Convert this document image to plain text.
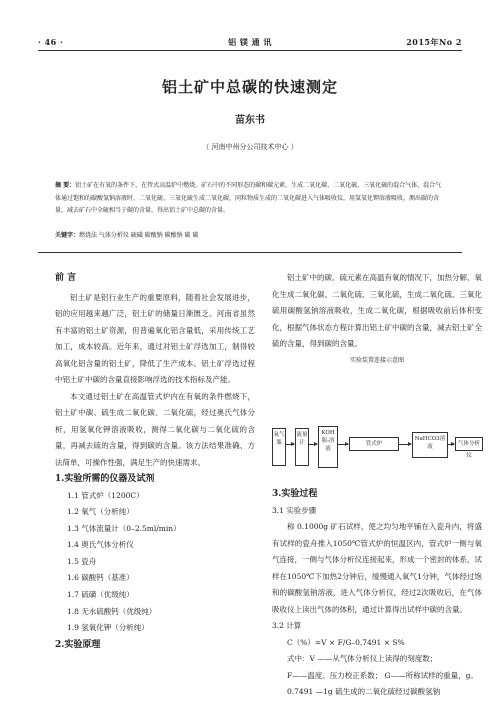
· 46 ·	铝 镁 通 讯	2015年No 2
铝土矿中总碳的快速测定
苗东书
（ 河南中州分公司技术中心 ）
摘 要：铝土矿在有氧的条件下，在管式高温炉中燃烧，矿石中的不同形态的碳和碳元素，生成二氧化碳、二氧化硫、三氧化硫的混合气体，混合气体通过饱和的碳酸氢钠溶液时，二氧化硫、三氧化硫生成二氧化碳，同粒物质生成的二氧化碳进入气体吸收仪，用氢氧化钾溶液吸收，测出碳的含量，减去矿石中全硫相当于碳的含量，得出铝土矿中总碳的含量。
关键字：燃烧法 气体分析仪 硫磺 碳酸钠 碳酸钠 碳 碳
前 言

铝土矿是铝行业生产的重要原料，随着社会发展进步，铝的应用越来越广泛，铝土矿的储量日渐匮乏。河南省虽然有丰富的铝土矿资源，但普遍氧化铝含量低，采用传统工艺加工，成本较高。近年来，通过对铝土矿浮选加工，制得较高氧化铝含量的铝土矿，降低了生产成本。铝土矿浮选过程中铝土矿中碳的含量直接影响浮选的技术指标及产能。

本文通过铝土矿在高温管式炉内在有氧的条件燃烧下，铝土矿中碳、硫生成二氧化碳、二氧化硫，经过奥氏气体分析，用氢氧化钾溶液吸收，测得二氧化碳与二氧化硫的含量，再减去硫的含量，得到碳的含量。该方法结果准确、方法简单，可操作性强，满足生产的快速需求。

1.实验所需的仪器及试剂
1.1 管式炉（1200C）
1.2 氧气（分析纯）
1.3 气体流量计（0–2.5ml/min）
1.4 奥氏气体分析仪
1.5 瓷舟
1.6 碳酸钙（基准）
1.7 硫磺（优级纯）
1.8 无水硫酸钙（优级纯）
1.9 氢氧化钾（分析纯）
2.实验原理

铝土矿中的碳、硫元素在高温有氧的情况下，加热分解、氧化生成二氧化碳、二氧化硫、三氧化硫，生成二氧化硫、三氧化硫用碳酸氢钠溶液吸收，生成二氧化碳，根据吸收前后体积变化，根据气体状态方程计算出铝土矿中碳的含量，减去铝土矿全硫的含量，得到碳的含量。

实验装置连接示意图
氧气瓶
流量计
KOH瓶-溶液
管式炉
NaHCO3溶液	气体分析仪
3.实验过程
3.1 实验步骤

称 0.1000g 矿石试样，使之均匀地平铺在入瓷舟内，将盛有试样的瓷舟推入1050℃管式炉的恒温区内，管式炉一侧与氧气连接，一侧与气体分析仪连接起来，形成一个密封的体系，试样在1050℃下加热2分钟后，缓慢通入氧气1分钟，气体经过饱和的碳酸氢钠溶液，进入气体分析仪，经过2次吸收后，在气体吸收仪上读出气体的体积，通过计算得出试样中碳的含量。

3.2 计算
C（%）=V × F/G–0.7491 × S%

式中：V ——从气体分析仪上读得的刻度数；

F——温度、压力校正系数； G——所称试样的重量，g。

0.7491 —1g 硫生成的二氧化硫经过碳酸氢钠
